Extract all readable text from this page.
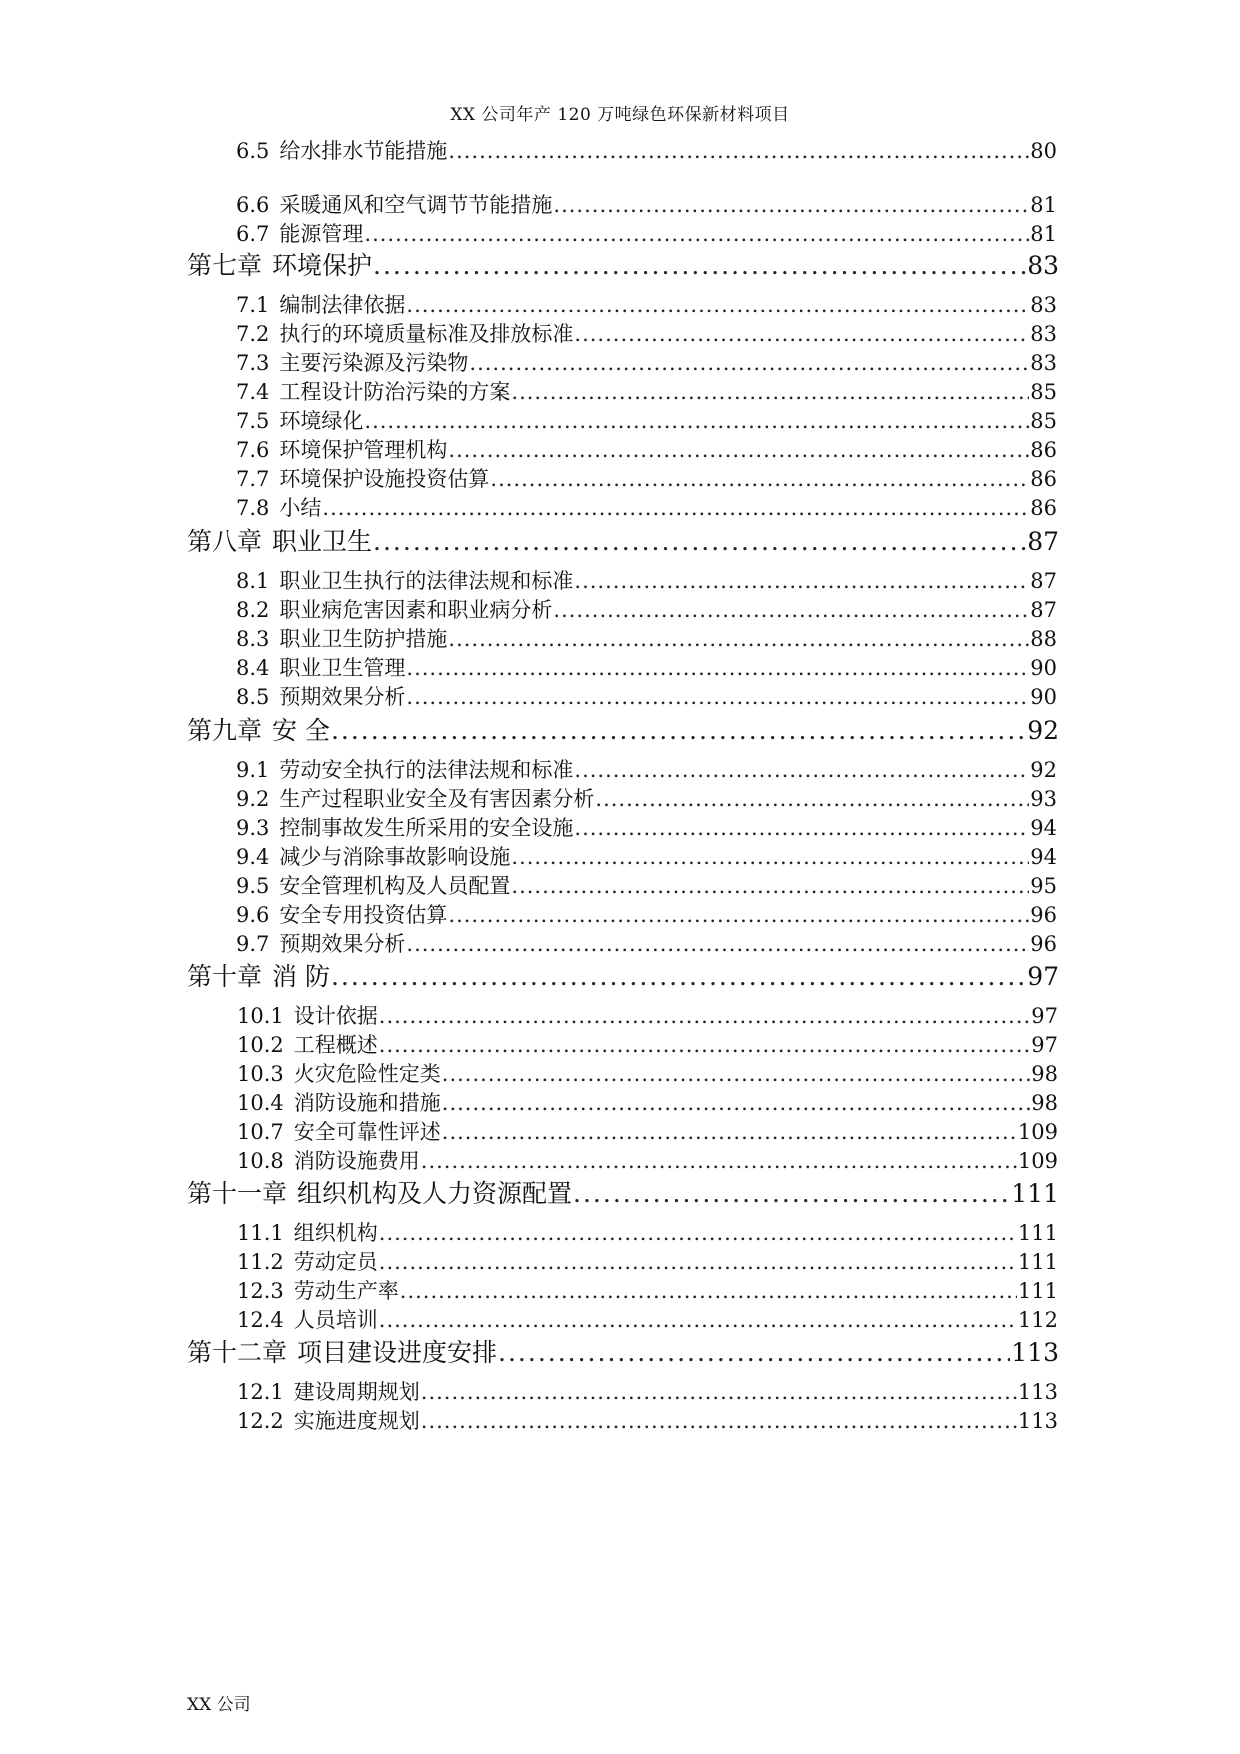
XX 公司年产 120 万吨绿色环保新材料项目
6.5 给水排水节能措施 .....	80
6.6 采暖通风和空气调节节能措施 .....	81
6.7 能源管理 .....	81
第七章 环境保护 .....	83
7.1 编制法律依据 .....	83
7.2 执行的环境质量标准及排放标准 .....	83
7.3 主要污染源及污染物 .....	83
7.4 工程设计防治污染的方案 .....	85
7.5 环境绿化 .....	85
7.6 环境保护管理机构 .....	86
7.7 环境保护设施投资估算 .....	86
7.8 小结 .....	86
第八章 职业卫生 .....	87
8.1 职业卫生执行的法律法规和标准 .....	87
8.2 职业病危害因素和职业病分析 .....	87
8.3 职业卫生防护措施 .....	88
8.4 职业卫生管理 .....	90
8.5 预期效果分析 .....	90
第九章 安 全 .....	92
9.1 劳动安全执行的法律法规和标准 .....	92
9.2 生产过程职业安全及有害因素分析 .....	93
9.3 控制事故发生所采用的安全设施 .....	94
9.4 减少与消除事故影响设施 .....	94
9.5 安全管理机构及人员配置 .....	95
9.6 安全专用投资估算 .....	96
9.7 预期效果分析 .....	96
第十章 消 防 .....	97
10.1 设计依据 .....	97
10.2 工程概述 .....	97
10.3 火灾危险性定类 .....	98
10.4 消防设施和措施 .....	98
10.7 安全可靠性评述 .....	109
10.8 消防设施费用 .....	109
第十一章 组织机构及人力资源配置 .....	111
11.1 组织机构 .....	111
11.2 劳动定员 .....	111
12.3 劳动生产率 .....	111
12.4 人员培训 .....	112
第十二章 项目建设进度安排 .....	113
12.1 建设周期规划 .....	113
12.2 实施进度规划 .....	113
XX 公司
